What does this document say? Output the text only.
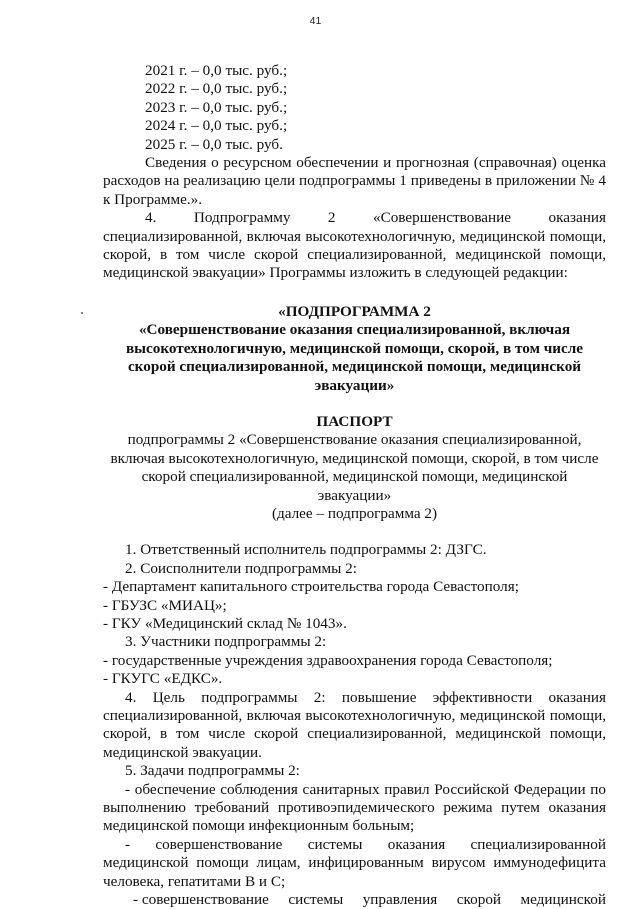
41

2021 г. – 0,0 тыс. руб.;

2022 г. – 0,0 тыс. руб.;

2023 г. – 0,0 тыс. руб.;

2024 г. – 0,0 тыс. руб.;

2025 г. – 0,0 тыс. руб.

Сведения о ресурсном обеспечении и прогнозная (справочная) оценка расходов на реализацию цели подпрограммы 1 приведены в приложении № 4 к Программе.».

4. Подпрограмму 2 «Совершенствование оказания специализированной, включая высокотехнологичную, медицинской помощи, скорой, в том числе скорой специализированной, медицинской помощи, медицинской эвакуации» Программы изложить в следующей редакции:

«ПОДПРОГРАММА 2
«Совершенствование оказания специализированной, включая
высокотехнологичную, медицинской помощи, скорой, в том числе
скорой специализированной, медицинской помощи, медицинской
эвакуации»
ПАСПОРТ
подпрограммы 2 «Совершенствование оказания специализированной,
включая высокотехнологичную, медицинской помощи, скорой, в том числе
скорой специализированной, медицинской помощи, медицинской эвакуации»
(далее – подпрограмма 2)

1. Ответственный исполнитель подпрограммы 2: ДЗГС.

2. Соисполнители подпрограммы 2:

- Департамент капитального строительства города Севастополя;

- ГБУЗС «МИАЦ»;

- ГКУ «Медицинский склад № 1043».

3. Участники подпрограммы 2:

- государственные учреждения здравоохранения города Севастополя;

- ГКУГС «ЕДКС».

4. Цель подпрограммы 2: повышение эффективности оказания специализированной, включая высокотехнологичную, медицинской помощи, скорой, в том числе скорой специализированной, медицинской помощи, медицинской эвакуации.

5. Задачи подпрограммы 2:

- обеспечение соблюдения санитарных правил Российской Федерации по выполнению требований противоэпидемического режима путем оказания медицинской помощи инфекционным больным;

- совершенствование системы оказания специализированной медицинской помощи лицам, инфицированным вирусом иммунодефицита человека, гепатитами В и С;

- совершенствование системы управления скорой медицинской
